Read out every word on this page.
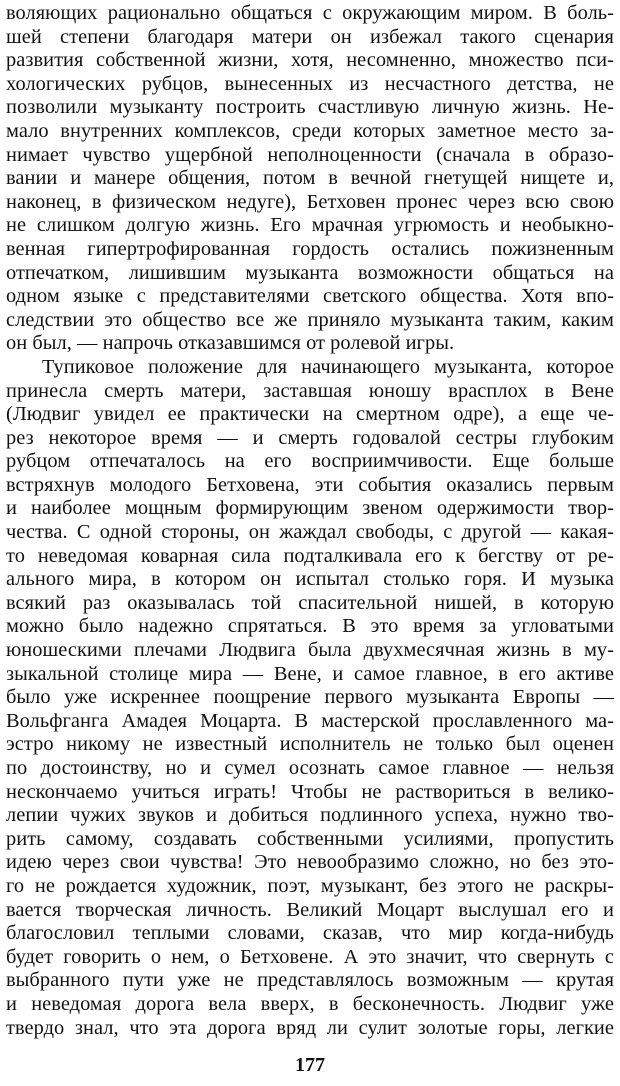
воляющих рациональнo общаться с окружающим миром. В боль-
шей степени благодаря матери он избежал такого сценария
развития собственной жизни, хотя, несомненно, множество пси-
хологических рубцов, вынесенных из несчастного детства, не
позволили музыканту построить счастливую личную жизнь. Не-
мало внутренних комплексов, среди которых заметное место за-
нимает чувство ущербной неполноценности (сначала в образо-
вании и манере общения, потом в вечной гнетущей нищете и,
наконец, в физическом недуге), Бетховен пронес через всю свою
не слишком долгую жизнь. Его мрачная угрюмость и необыкно-
венная гипертрофированная гордость остались пожизненным
отпечатком, лишившим музыканта возможности общаться на
одном языке с представителями светского общества. Хотя впо-
следствии это общество все же приняло музыканта таким, каким
он был, — напрочь отказавшимся от ролевой игры.
Тупиковое положение для начинающего музыканта, которое
принесла смерть матери, заставшая юношу врасплох в Вене
(Людвиг увидел ее практически на смертном одре), а еще че-
рез некоторое время — и смерть годовалой сестры глубоким
рубцом отпечаталось на его восприимчивости. Еще больше
встряхнув молодого Бетховена, эти события оказались первым
и наиболее мощным формирующим звеном одержимости твор-
чества. С одной стороны, он жаждал свободы, с другой — какая-
то неведомая коварная сила подталкивала его к бегству от ре-
ального мира, в котором он испытал столько горя. И музыка
всякий раз оказывалась той спасительной нишей, в которую
можно было надежно спрятаться. В это время за угловатыми
юношескими плечами Людвига была двухмесячная жизнь в му-
зыкальной столице мира — Вене, и самое главное, в его активе
было уже искреннее поощрение первого музыканта Европы —
Вольфганга Амадея Моцарта. В мастерской прославленного ма-
эстро никому не известный исполнитель не только был оценен
по достоинству, но и сумел осознать самое главное — нельзя
нескончаемо учиться играть! Чтобы не раствориться в велико-
лепии чужих звуков и добиться подлинного успеха, нужно тво-
рить самому, создавать собственными усилиями, пропустить
идею через свои чувства! Это невообразимо сложно, но без это-
го не рождается художник, поэт, музыкант, без этого не раскры-
вается творческая личность. Великий Моцарт выслушал его и
благословил теплыми словами, сказав, что мир когда-нибудь
будет говорить о нем, о Бетховене. А это значит, что свернуть с
выбранного пути уже не представлялось возможным — крутая
и неведомая дорога вела вверх, в бесконечность. Людвиг уже
твердо знал, что эта дорога вряд ли сулит золотые горы, легкие
177
